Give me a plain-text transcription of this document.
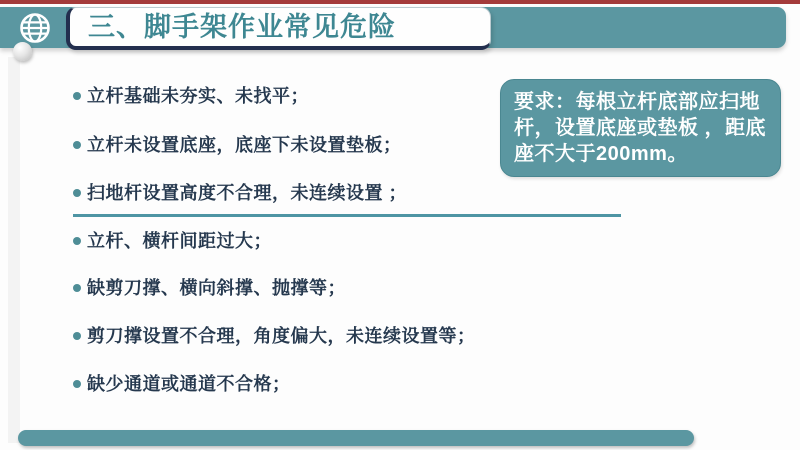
三、脚手架作业常见危险
立杆基础未夯实、未找平；
立杆未设置底座，底座下未设置垫板；
扫地杆设置高度不合理，未连续设置 ；
立杆、横杆间距过大；
缺剪刀撑、横向斜撑、抛撑等；
剪刀撑设置不合理，角度偏大，未连续设置等；
缺少通道或通道不合格；
要求：每根立杆底部应扫地
杆，设置底座或垫板 ，距底
座不大于200mm。
